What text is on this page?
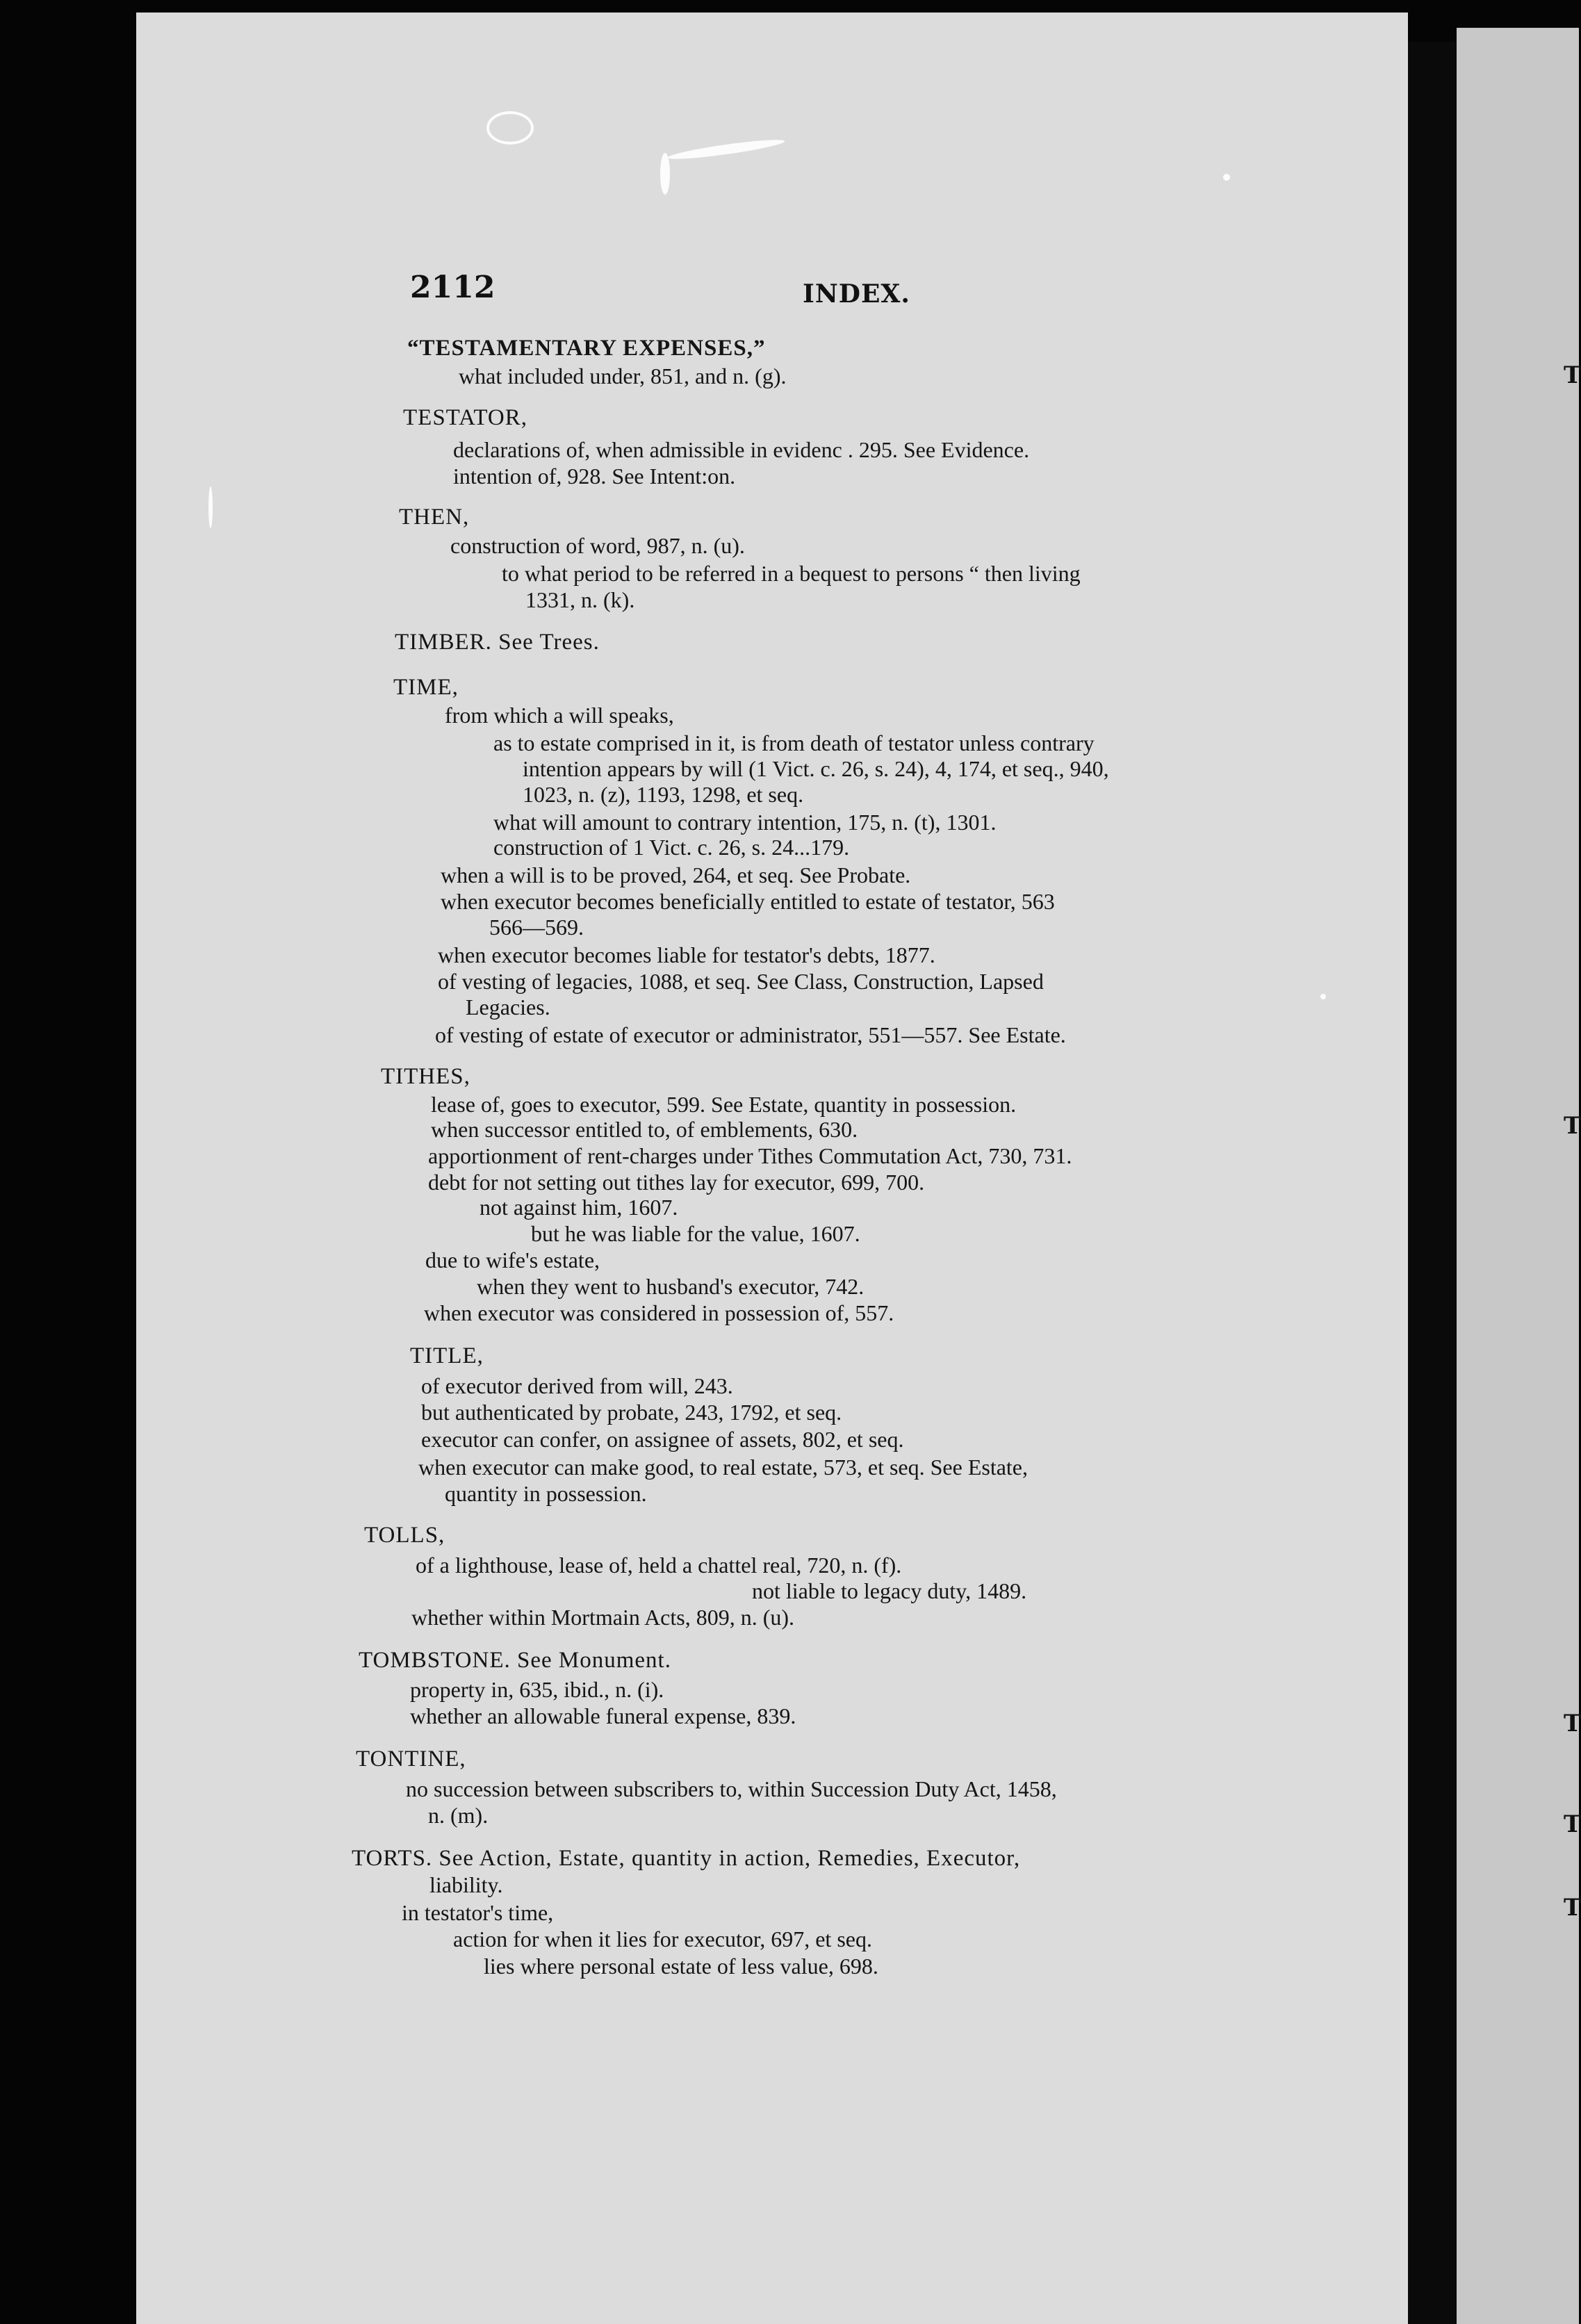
2112	INDEX.
“TESTAMENTARY EXPENSES,”
what included under, 851, and n. (g).
TESTATOR,
declarations of, when admissible in evidenc . 295. See Evidence.
intention of, 928. See Intent:on.
THEN,
construction of word, 987, n. (u).
to what period to be referred in a bequest to persons “ then living
1331, n. (k).
TIMBER. See Trees.
TIME,
from which a will speaks,
as to estate comprised in it, is from death of testator unless contrary
intention appears by will (1 Vict. c. 26, s. 24), 4, 174, et seq., 940,
1023, n. (z), 1193, 1298, et seq.
what will amount to contrary intention, 175, n. (t), 1301.
construction of 1 Vict. c. 26, s. 24...179.
when a will is to be proved, 264, et seq. See Probate.
when executor becomes beneficially entitled to estate of testator, 563
566—569.
when executor becomes liable for testator's debts, 1877.
of vesting of legacies, 1088, et seq. See Class, Construction, Lapsed
Legacies.
of vesting of estate of executor or administrator, 551—557. See Estate.
TITHES,
lease of, goes to executor, 599. See Estate, quantity in possession.
when successor entitled to, of emblements, 630.
apportionment of rent-charges under Tithes Commutation Act, 730, 731.
debt for not setting out tithes lay for executor, 699, 700.
not against him, 1607.
but he was liable for the value, 1607.
due to wife's estate,
when they went to husband's executor, 742.
when executor was considered in possession of, 557.
TITLE,
of executor derived from will, 243.
but authenticated by probate, 243, 1792, et seq.
executor can confer, on assignee of assets, 802, et seq.
when executor can make good, to real estate, 573, et seq. See Estate,
quantity in possession.
TOLLS,
of a lighthouse, lease of, held a chattel real, 720, n. (f).
not liable to legacy duty, 1489.
whether within Mortmain Acts, 809, n. (u).
TOMBSTONE. See Monument.
property in, 635, ibid., n. (i).
whether an allowable funeral expense, 839.
TONTINE,
no succession between subscribers to, within Succession Duty Act, 1458,
n. (m).
TORTS. See Action, Estate, quantity in action, Remedies, Executor,
liability.
in testator's time,
action for when it lies for executor, 697, et seq.
lies where personal estate of less value, 698.
T
T
T
T
T
